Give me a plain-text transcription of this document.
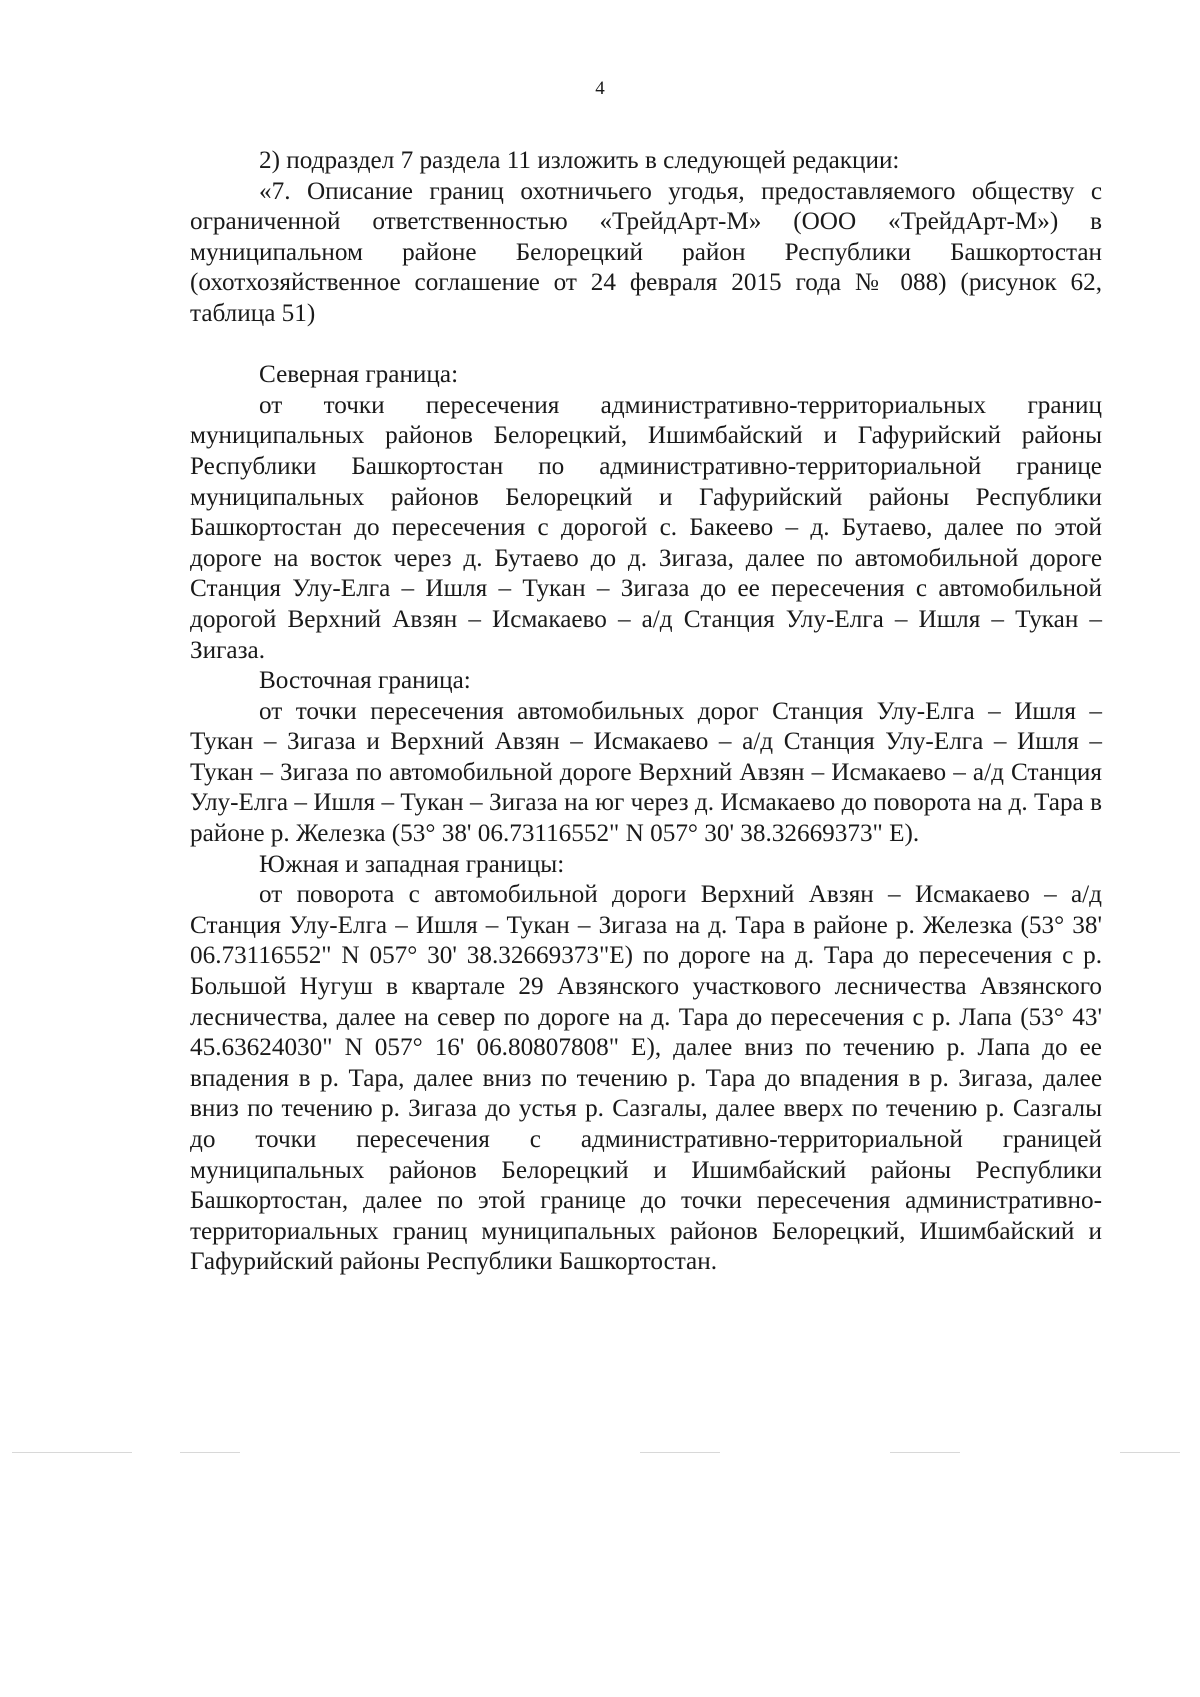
4

2) подраздел 7 раздела 11 изложить в следующей редакции:

«7. Описание границ охотничьего угодья, предоставляемого обществу с ограниченной ответственностью «ТрейдАрт-М» (ООО «ТрейдАрт-М») в муниципальном районе Белорецкий район Республики Башкортостан (охотхозяйственное соглашение от 24 февраля 2015 года № 088) (рисунок 62, таблица 51)

Северная граница:

от точки пересечения административно-территориальных границ муниципальных районов Белорецкий, Ишимбайский и Гафурийский районы Республики Башкортостан по административно-территориальной границе муниципальных районов Белорецкий и Гафурийский районы Республики Башкортостан до пересечения с дорогой с. Бакеево – д. Бутаево, далее по этой дороге на восток через д. Бутаево до д. Зигаза, далее по автомобильной дороге Станция Улу-Елга – Ишля – Тукан – Зигаза до ее пересечения с автомобильной дорогой Верхний Авзян – Исмакаево – а/д Станция Улу-Елга – Ишля – Тукан – Зигаза.

Восточная граница:

от точки пересечения автомобильных дорог Станция Улу-Елга – Ишля – Тукан – Зигаза и Верхний Авзян – Исмакаево – а/д Станция Улу-Елга – Ишля – Тукан – Зигаза по автомобильной дороге Верхний Авзян – Исмакаево – а/д Станция Улу-Елга – Ишля – Тукан – Зигаза на юг через д. Исмакаево до поворота на д. Тара в районе р. Железка (53° 38' 06.73116552" N 057° 30' 38.32669373" E).

Южная и западная границы:

от поворота с автомобильной дороги Верхний Авзян – Исмакаево – а/д Станция Улу-Елга – Ишля – Тукан – Зигаза на д. Тара в районе р. Железка (53° 38' 06.73116552" N 057° 30' 38.32669373"E) по дороге на д. Тара до пересечения с р. Большой Нугуш в квартале 29 Авзянского участкового лесничества Авзянского лесничества, далее на север по дороге на д. Тара до пересечения с р. Лапа (53° 43' 45.63624030" N 057° 16' 06.80807808" E), далее вниз по течению р. Лапа до ее впадения в р. Тара, далее вниз по течению р. Тара до впадения в р. Зигаза, далее вниз по течению р. Зигаза до устья р. Сазгалы, далее вверх по течению р. Сазгалы до точки пересечения с административно-территориальной границей муниципальных районов Белорецкий и Ишимбайский районы Республики Башкортостан, далее по этой границе до точки пересечения административно-территориальных границ муниципальных районов Белорецкий, Ишимбайский и Гафурийский районы Республики Башкортостан.
